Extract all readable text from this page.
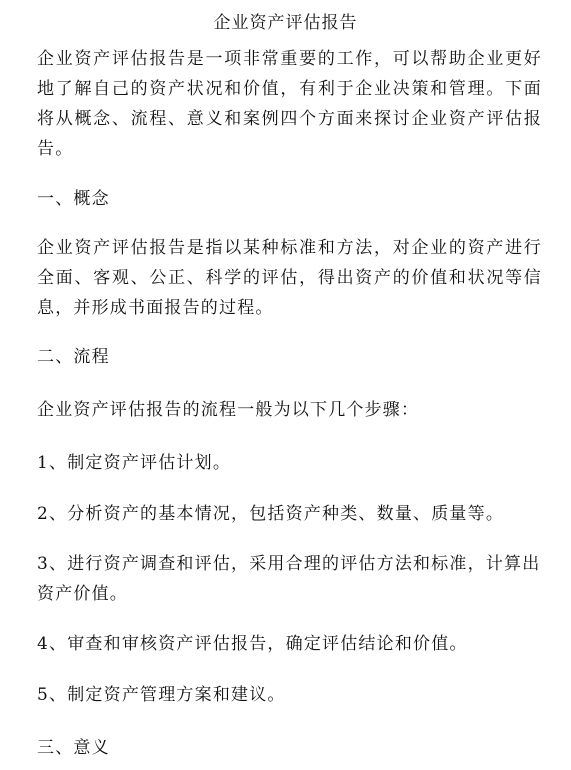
企业资产评估报告

企业资产评估报告是一项非常重要的工作，可以帮助企业更好地了解自己的资产状况和价值，有利于企业决策和管理。下面将从概念、流程、意义和案例四个方面来探讨企业资产评估报告。

一、概念

企业资产评估报告是指以某种标准和方法，对企业的资产进行全面、客观、公正、科学的评估，得出资产的价值和状况等信息，并形成书面报告的过程。

二、流程

企业资产评估报告的流程一般为以下几个步骤：

1、制定资产评估计划。

2、分析资产的基本情况，包括资产种类、数量、质量等。

3、进行资产调查和评估，采用合理的评估方法和标准，计算出资产价值。

4、审查和审核资产评估报告，确定评估结论和价值。

5、制定资产管理方案和建议。

三、意义
